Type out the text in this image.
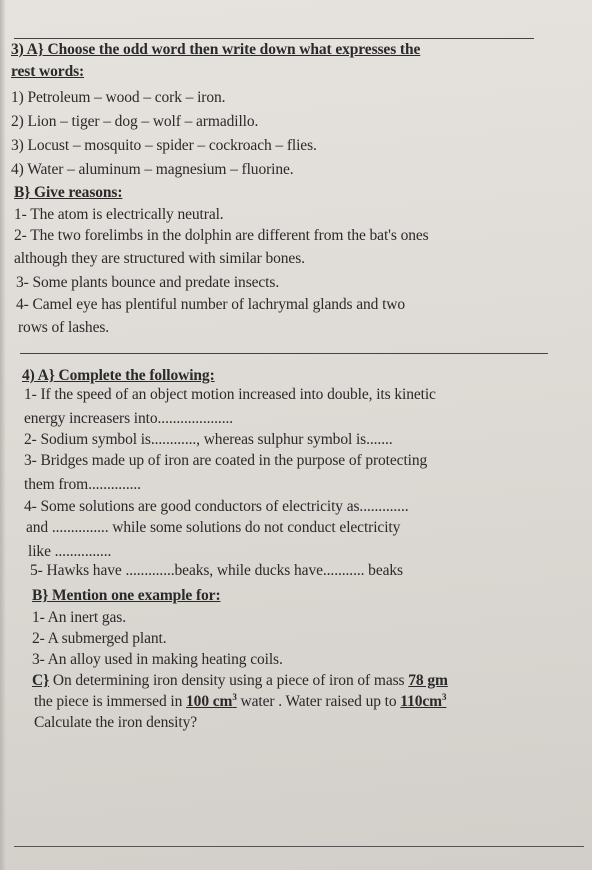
3) A} Choose the odd word then write down what expresses the
rest words:
1) Petroleum – wood – cork – iron.
2) Lion – tiger – dog – wolf – armadillo.
3) Locust – mosquito – spider – cockroach – flies.
4) Water – aluminum – magnesium – fluorine.
B} Give reasons:
1- The atom is electrically neutral.
2- The two forelimbs in the dolphin are different from the bat's ones
although they are structured with similar bones.
3- Some plants bounce and predate insects.
4- Camel eye has plentiful number of lachrymal glands and two
rows of lashes.
4) A} Complete the following:
1- If the speed of an object motion increased into double, its kinetic
energy increasers into....................
2- Sodium symbol is............, whereas sulphur symbol is.......
3- Bridges made up of iron are coated in the purpose of protecting
them from..............
4- Some solutions are good conductors of electricity as.............
and ............... while some solutions do not conduct electricity
like ...............
5- Hawks have .............beaks, while ducks have........... beaks
B} Mention one example for:
1- An inert gas.
2- A submerged plant.
3- An alloy used in making heating coils.
C} On determining iron density using a piece of iron of mass 78 gm
the piece is immersed in 100 $cm^3$ water . Water raised up to $110cm^3$
Calculate the iron density?
